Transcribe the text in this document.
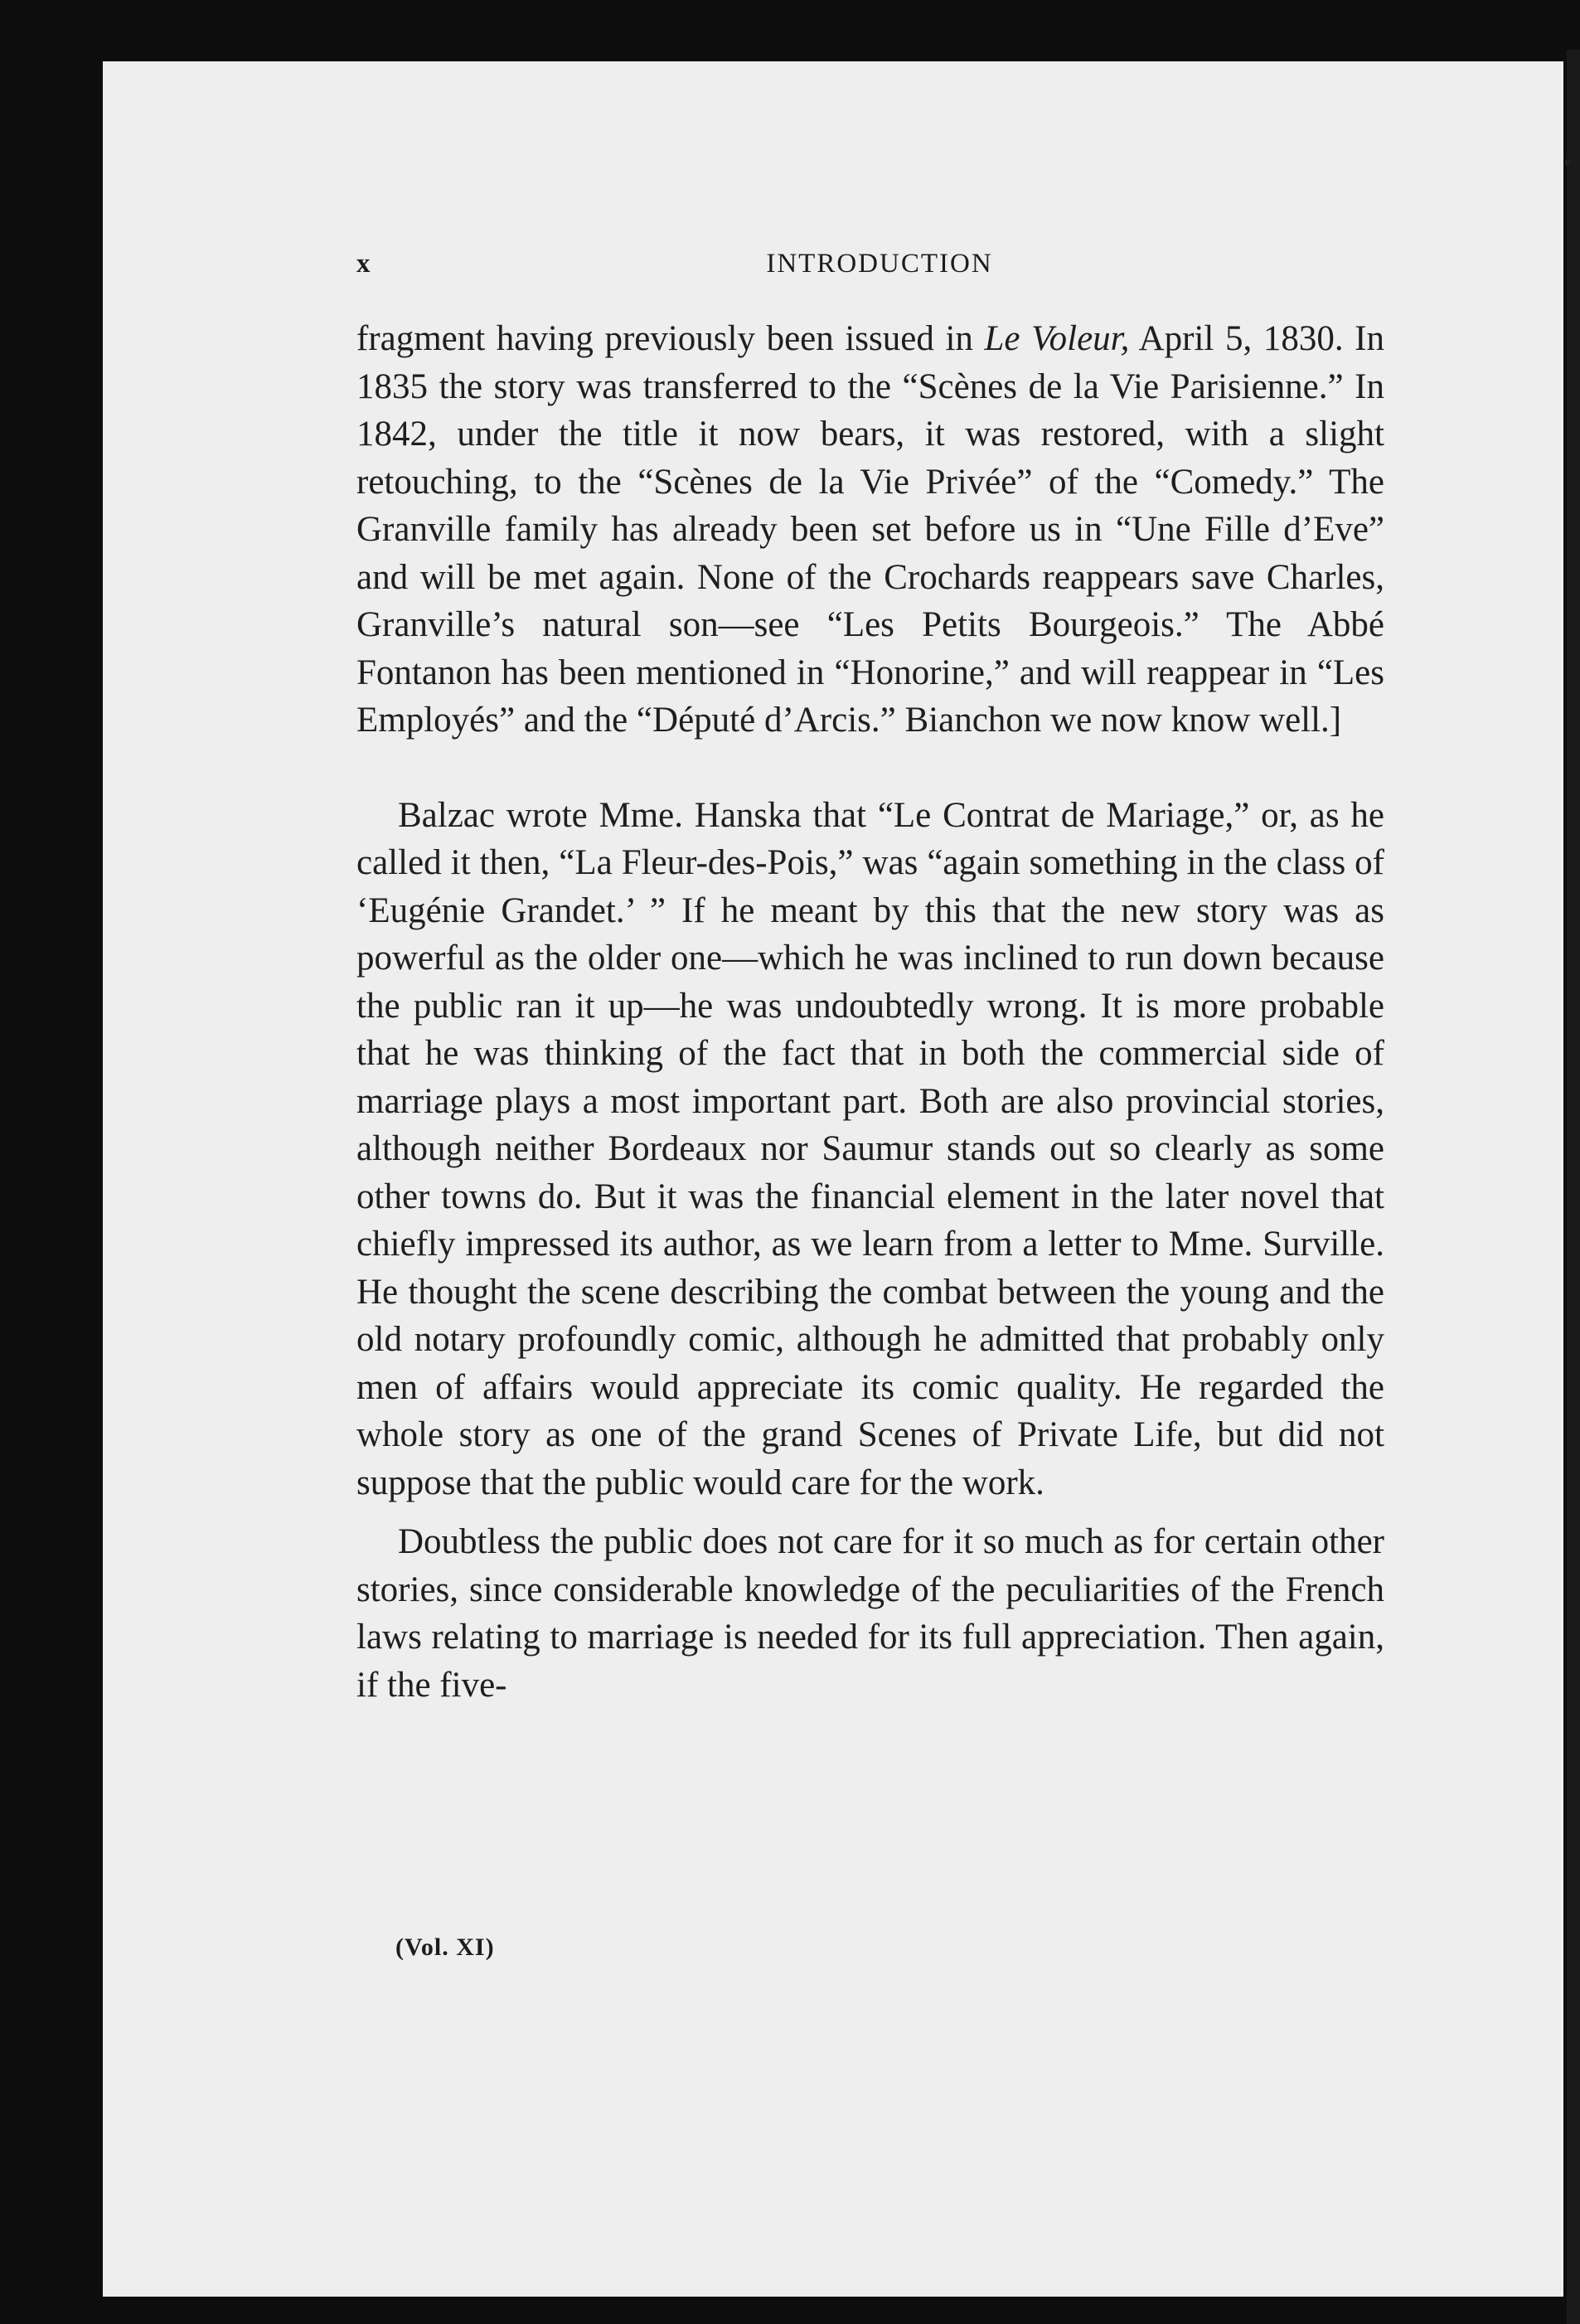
x	INTRODUCTION

fragment having previously been issued in Le Voleur, April 5, 1830. In 1835 the story was transferred to the “Scènes de la Vie Parisienne.” In 1842, under the title it now bears, it was restored, with a slight retouching, to the “Scènes de la Vie Privée” of the “Comedy.” The Granville family has already been set before us in “Une Fille d’Eve” and will be met again. None of the Crochards reappears save Charles, Granville’s natural son—see “Les Petits Bourgeois.” The Abbé Fontanon has been mentioned in “Honorine,” and will reappear in “Les Employés” and the “Député d’Arcis.” Bianchon we now know well.]

Balzac wrote Mme. Hanska that “Le Contrat de Mariage,” or, as he called it then, “La Fleur-des-Pois,” was “again something in the class of ‘Eugénie Grandet.’ ” If he meant by this that the new story was as powerful as the older one—which he was inclined to run down because the public ran it up—he was undoubtedly wrong. It is more probable that he was thinking of the fact that in both the commercial side of marriage plays a most important part. Both are also provincial stories, although neither Bordeaux nor Saumur stands out so clearly as some other towns do. But it was the financial element in the later novel that chiefly impressed its author, as we learn from a letter to Mme. Surville. He thought the scene describing the combat between the young and the old notary profoundly comic, although he admitted that probably only men of affairs would appreciate its comic quality. He regarded the whole story as one of the grand Scenes of Private Life, but did not suppose that the public would care for the work.

Doubtless the public does not care for it so much as for certain other stories, since considerable knowledge of the peculiarities of the French laws relating to marriage is needed for its full appreciation. Then again, if the five-

(Vol. XI)
